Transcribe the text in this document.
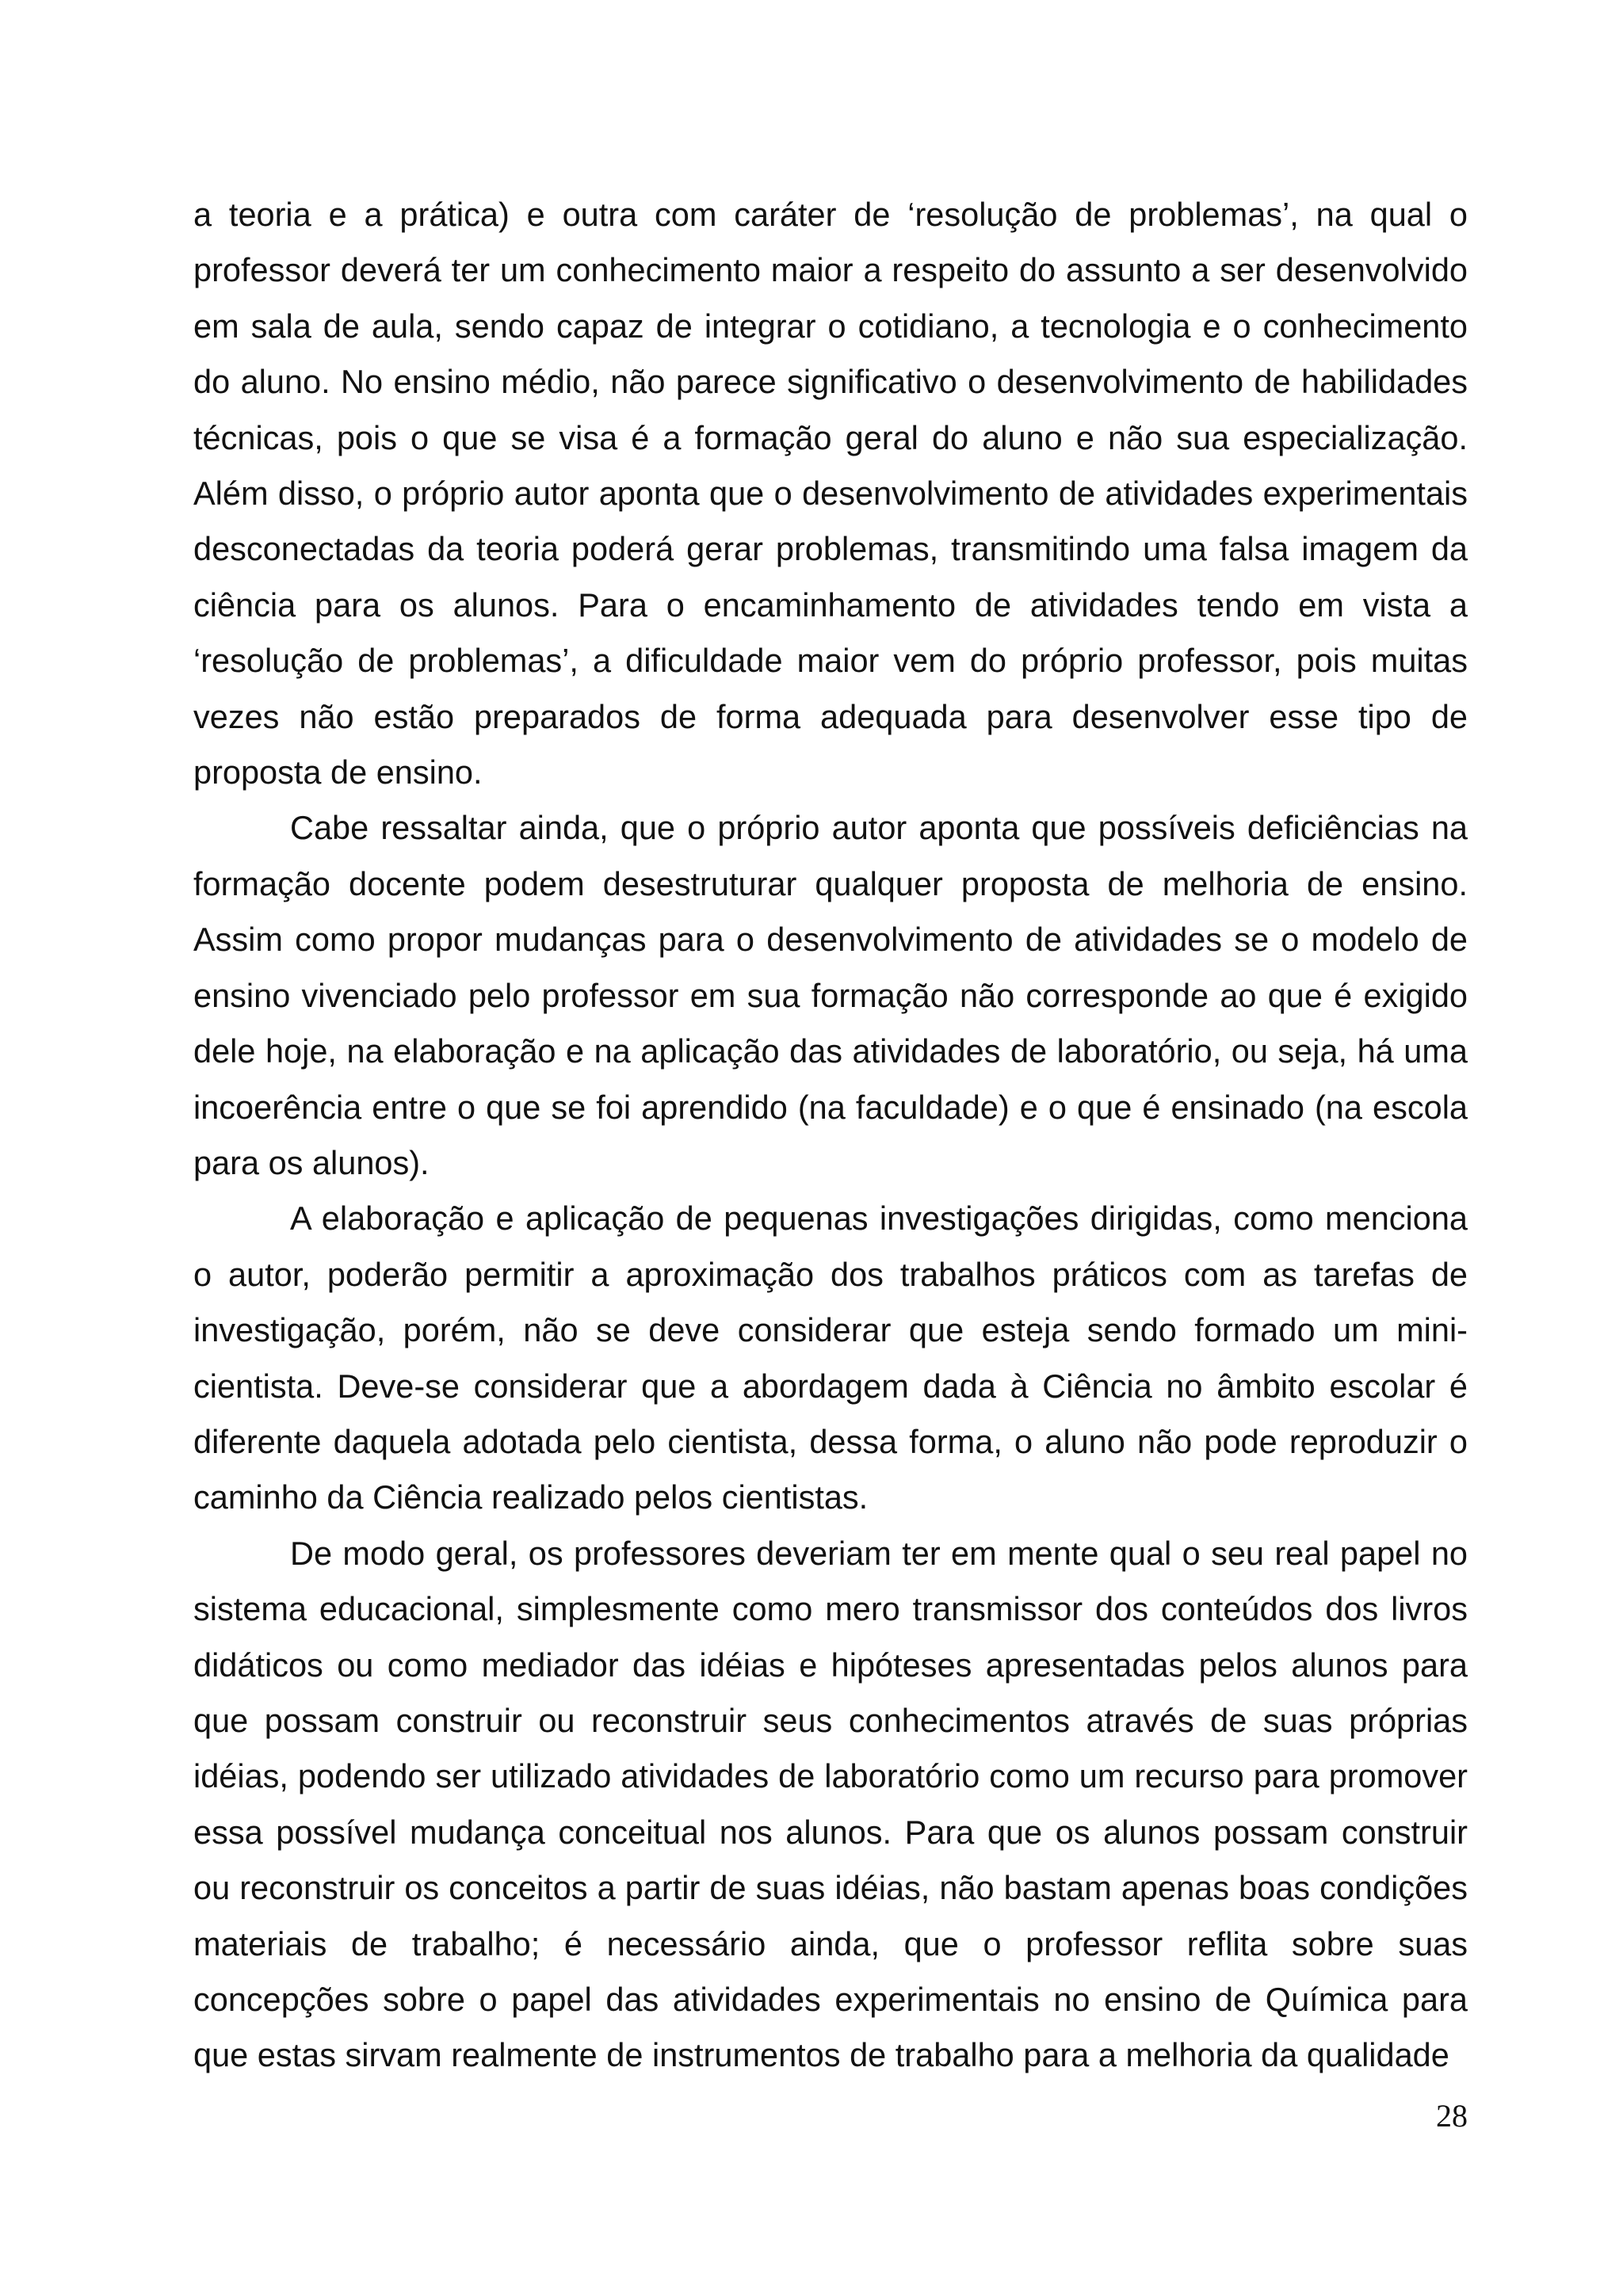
a teoria e a prática) e outra com caráter de ‘resolução de problemas’, na qual o professor deverá ter um conhecimento maior a respeito do assunto a ser desenvolvido em sala de aula, sendo capaz de integrar o cotidiano, a tecnologia e o conhecimento do aluno. No ensino médio, não parece significativo o desenvolvimento de habilidades técnicas, pois o que se visa é a formação geral do aluno e não sua especialização. Além disso, o próprio autor aponta que o desenvolvimento de atividades experimentais desconectadas da teoria poderá gerar problemas, transmitindo uma falsa imagem da ciência para os alunos. Para o encaminhamento de atividades tendo em vista a ‘resolução de problemas’, a dificuldade maior vem do próprio professor, pois muitas vezes não estão preparados de forma adequada para desenvolver esse tipo de proposta de ensino.

Cabe ressaltar ainda, que o próprio autor aponta que possíveis deficiências na formação docente podem desestruturar qualquer proposta de melhoria de ensino. Assim como propor mudanças para o desenvolvimento de atividades se o modelo de ensino vivenciado pelo professor em sua formação não corresponde ao que é exigido dele hoje, na elaboração e na aplicação das atividades de laboratório, ou seja, há uma incoerência entre o que se foi aprendido (na faculdade) e o que é ensinado (na escola para os alunos).

A elaboração e aplicação de pequenas investigações dirigidas, como menciona o autor, poderão permitir a aproximação dos trabalhos práticos com as tarefas de investigação, porém, não se deve considerar que esteja sendo formado um mini-cientista. Deve-se considerar que a abordagem dada à Ciência no âmbito escolar é diferente daquela adotada pelo cientista, dessa forma, o aluno não pode reproduzir o caminho da Ciência realizado pelos cientistas.

De modo geral, os professores deveriam ter em mente qual o seu real papel no sistema educacional, simplesmente como mero transmissor dos conteúdos dos livros didáticos ou como mediador das idéias e hipóteses apresentadas pelos alunos para que possam construir ou reconstruir seus conhecimentos através de suas próprias idéias, podendo ser utilizado atividades de laboratório como um recurso para promover essa possível mudança conceitual nos alunos. Para que os alunos possam construir ou reconstruir os conceitos a partir de suas idéias, não bastam apenas boas condições materiais de trabalho; é necessário ainda, que o professor reflita sobre suas concepções sobre o papel das atividades experimentais no ensino de Química para que estas sirvam realmente de instrumentos de trabalho para a melhoria da qualidade

28
